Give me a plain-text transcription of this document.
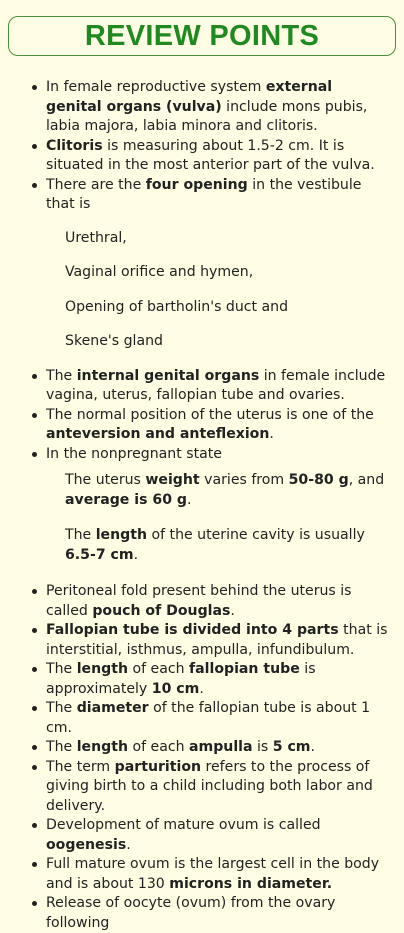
REVIEW POINTS
In female reproductive system external genital organs (vulva) include mons pubis, labia majora, labia minora and clitoris.
Clitoris is measuring about 1.5-2 cm. It is situated in the most anterior part of the vulva.
There are the four opening in the vestibule that is
Urethral,
Vaginal orifice and hymen,
Opening of bartholin's duct and
Skene's gland
The internal genital organs in female include vagina, uterus, fallopian tube and ovaries.
The normal position of the uterus is one of the anteversion and anteflexion.
In the nonpregnant state
The uterus weight varies from 50-80 g, and average is 60 g.
The length of the uterine cavity is usually 6.5-7 cm.
Peritoneal fold present behind the uterus is called pouch of Douglas.
Fallopian tube is divided into 4 parts that is interstitial, isthmus, ampulla, infundibulum.
The length of each fallopian tube is approximately 10 cm.
The diameter of the fallopian tube is about 1 cm.
The length of each ampulla is 5 cm.
The term parturition refers to the process of giving birth to a child including both labor and delivery.
Development of mature ovum is called oogenesis.
Full mature ovum is the largest cell in the body and is about 130 microns in diameter.
Release of oocyte (ovum) from the ovary following
